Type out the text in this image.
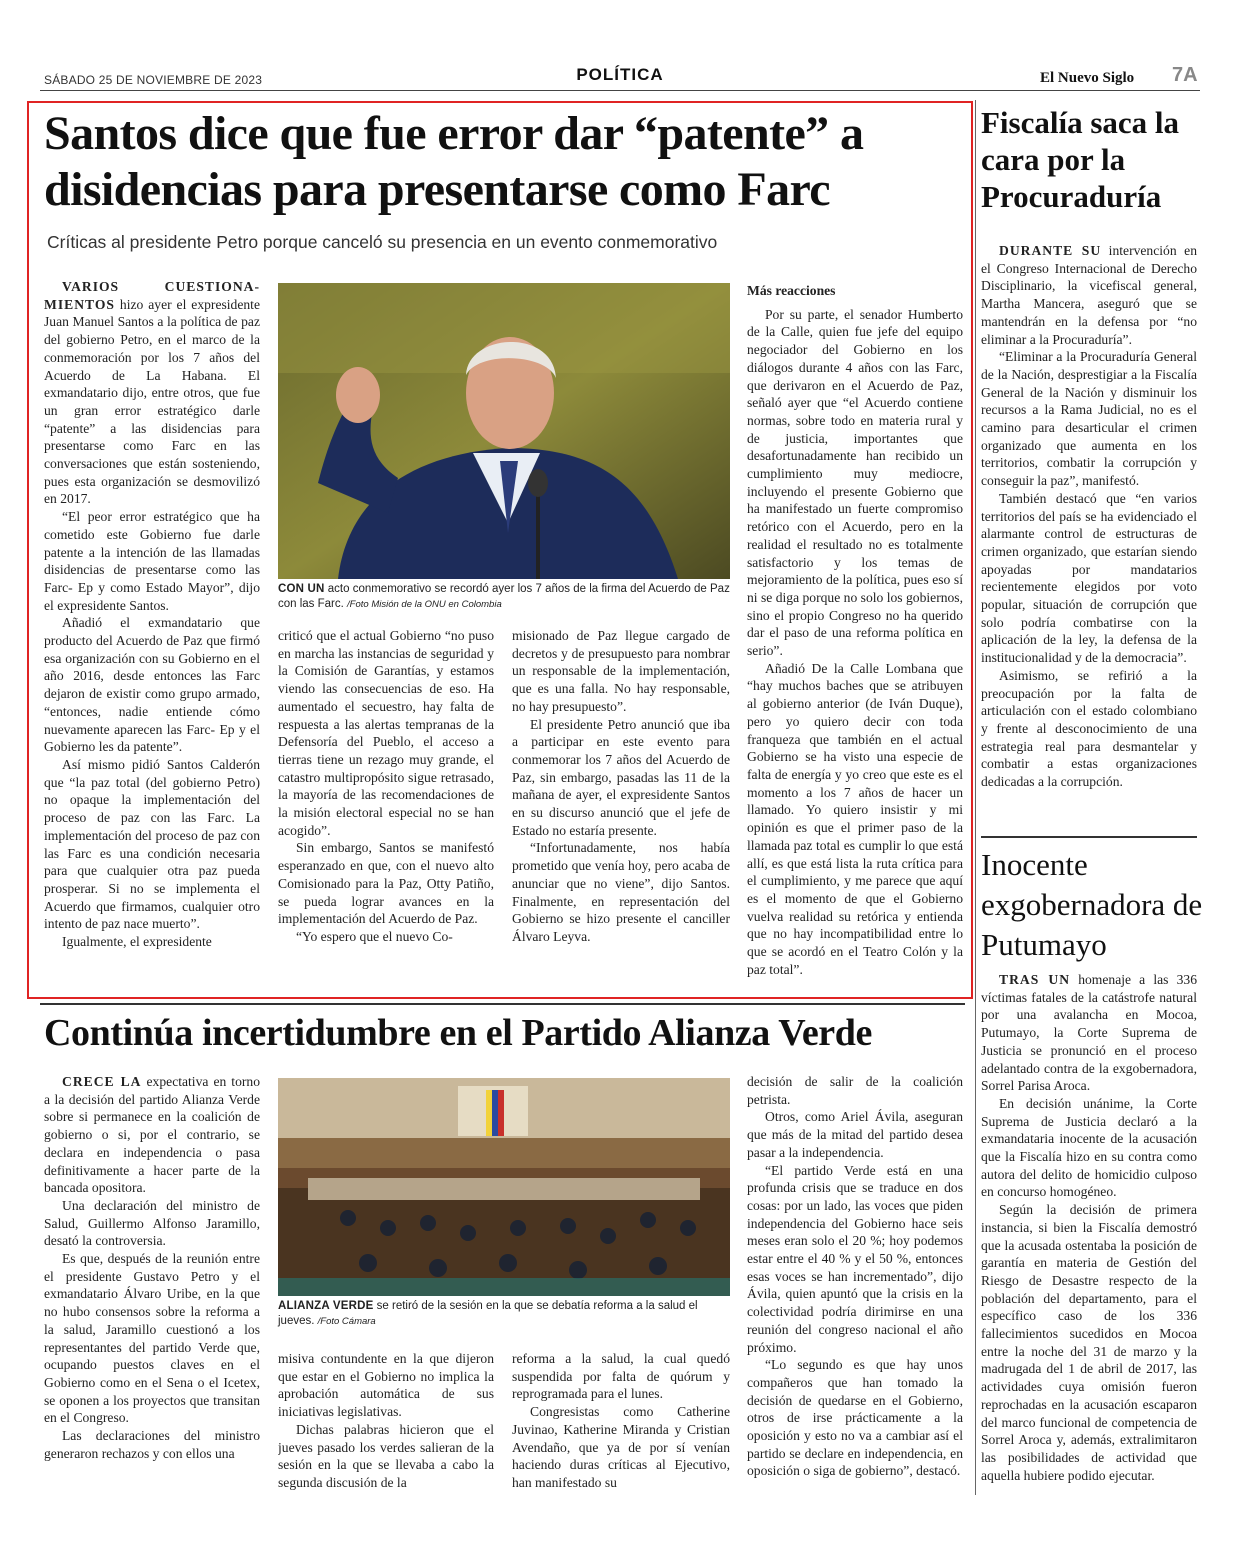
SÁBADO 25 DE NOVIEMBRE DE 2023	POLÍTICA	El Nuevo Siglo 7A
Santos dice que fue error dar “patente” a disidencias para presentarse como Farc
Críticas al presidente Petro porque canceló su presencia en un evento conmemorativo

VARIOS CUESTIONA-MIENTOS hizo ayer el expresidente Juan Manuel Santos a la política de paz del gobierno Petro, en el marco de la conmemoración por los 7 años del Acuerdo de La Habana. El exmandatario dijo, entre otros, que fue un gran error estratégico darle “patente” a las disidencias para presentarse como Farc en las conversaciones que están sosteniendo, pues esta organización se desmovilizó en 2017.

“El peor error estratégico que ha cometido este Gobierno fue darle patente a la intención de las llamadas disidencias de presentarse como las Farc- Ep y como Estado Mayor”, dijo el expresidente Santos.

Añadió el exmandatario que producto del Acuerdo de Paz que firmó esa organización con su Gobierno en el año 2016, desde entonces las Farc dejaron de existir como grupo armado, “entonces, nadie entiende cómo nuevamente aparecen las Farc- Ep y el Gobierno les da patente”.

Así mismo pidió Santos Calderón que “la paz total (del gobierno Petro) no opaque la implementación del proceso de paz con las Farc. La implementación del proceso de paz con las Farc es una condición necesaria para que cualquier otra paz pueda prosperar. Si no se implementa el Acuerdo que firmamos, cualquier otro intento de paz nace muerto”.

Igualmente, el expresidente

CON UN acto conmemorativo se recordó ayer los 7 años de la firma del Acuerdo de Paz con las Farc. /Foto Misión de la ONU en Colombia

criticó que el actual Gobierno “no puso en marcha las instancias de seguridad y la Comisión de Garantías, y estamos viendo las consecuencias de eso. Ha aumentado el secuestro, hay falta de respuesta a las alertas tempranas de la Defensoría del Pueblo, el acceso a tierras tiene un rezago muy grande, el catastro multipropósito sigue retrasado, la mayoría de las recomendaciones de la misión electoral especial no se han acogido”.

Sin embargo, Santos se manifestó esperanzado en que, con el nuevo alto Comisionado para la Paz, Otty Patiño, se pueda lograr avances en la implementación del Acuerdo de Paz.

“Yo espero que el nuevo Co-

misionado de Paz llegue cargado de decretos y de presupuesto para nombrar un responsable de la implementación, que es una falla. No hay responsable, no hay presupuesto”.

El presidente Petro anunció que iba a participar en este evento para conmemorar los 7 años del Acuerdo de Paz, sin embargo, pasadas las 11 de la mañana de ayer, el expresidente Santos en su discurso anunció que el jefe de Estado no estaría presente.

“Infortunadamente, nos había prometido que venía hoy, pero acaba de anunciar que no viene”, dijo Santos. Finalmente, en representación del Gobierno se hizo presente el canciller Álvaro Leyva.

Más reacciones

Por su parte, el senador Humberto de la Calle, quien fue jefe del equipo negociador del Gobierno en los diálogos durante 4 años con las Farc, que derivaron en el Acuerdo de Paz, señaló ayer que “el Acuerdo contiene normas, sobre todo en materia rural y de justicia, importantes que desafortunadamente han recibido un cumplimiento muy mediocre, incluyendo el presente Gobierno que ha manifestado un fuerte compromiso retórico con el Acuerdo, pero en la realidad el resultado no es totalmente satisfactorio y los temas de mejoramiento de la política, pues eso sí ni se diga porque no solo los gobiernos, sino el propio Congreso no ha querido dar el paso de una reforma política en serio”.

Añadió De la Calle Lombana que “hay muchos baches que se atribuyen al gobierno anterior (de Iván Duque), pero yo quiero decir con toda franqueza que también en el actual Gobierno se ha visto una especie de falta de energía y yo creo que este es el momento a los 7 años de hacer un llamado. Yo quiero insistir y mi opinión es que el primer paso de la llamada paz total es cumplir lo que está allí, es que está lista la ruta crítica para el cumplimiento, y me parece que aquí es el momento de que el Gobierno vuelva realidad su retórica y entienda que no hay incompatibilidad entre lo que se acordó en el Teatro Colón y la paz total”.

Fiscalía saca la cara por la Procuraduría

DURANTE SU intervención en el Congreso Internacional de Derecho Disciplinario, la vicefiscal general, Martha Mancera, aseguró que se mantendrán en la defensa por “no eliminar a la Procuraduría”.

“Eliminar a la Procuraduría General de la Nación, desprestigiar a la Fiscalía General de la Nación y disminuir los recursos a la Rama Judicial, no es el camino para desarticular el crimen organizado que aumenta en los territorios, combatir la corrupción y conseguir la paz”, manifestó.

También destacó que “en varios territorios del país se ha evidenciado el alarmante control de estructuras de crimen organizado, que estarían siendo apoyadas por mandatarios recientemente elegidos por voto popular, situación de corrupción que solo podría combatirse con la aplicación de la ley, la defensa de la institucionalidad y de la democracia”.

Asimismo, se refirió a la preocupación por la falta de articulación con el estado colombiano y frente al desconocimiento de una estrategia real para desmantelar y combatir a estas organizaciones dedicadas a la corrupción.

Inocente exgobernadora de Putumayo

TRAS UN homenaje a las 336 víctimas fatales de la catástrofe natural por una avalancha en Mocoa, Putumayo, la Corte Suprema de Justicia se pronunció en el proceso adelantado contra de la exgobernadora, Sorrel Parisa Aroca.

En decisión unánime, la Corte Suprema de Justicia declaró a la exmandataria inocente de la acusación que la Fiscalía hizo en su contra como autora del delito de homicidio culposo en concurso homogéneo.

Según la decisión de primera instancia, si bien la Fiscalía demostró que la acusada ostentaba la posición de garantía en materia de Gestión del Riesgo de Desastre respecto de la población del departamento, para el específico caso de los 336 fallecimientos sucedidos en Mocoa entre la noche del 31 de marzo y la madrugada del 1 de abril de 2017, las actividades cuya omisión fueron reprochadas en la acusación escaparon del marco funcional de competencia de Sorrel Aroca y, además, extralimitaron las posibilidades de actividad que aquella hubiere podido ejecutar.

Continúa incertidumbre en el Partido Alianza Verde

CRECE LA expectativa en torno a la decisión del partido Alianza Verde sobre si permanece en la coalición de gobierno o si, por el contrario, se declara en independencia o pasa definitivamente a hacer parte de la bancada opositora.

Una declaración del ministro de Salud, Guillermo Alfonso Jaramillo, desató la controversia.

Es que, después de la reunión entre el presidente Gustavo Petro y el exmandatario Álvaro Uribe, en la que no hubo consensos sobre la reforma a la salud, Jaramillo cuestionó a los representantes del partido Verde que, ocupando puestos claves en el Gobierno como en el Sena o el Icetex, se oponen a los proyectos que transitan en el Congreso.

Las declaraciones del ministro generaron rechazos y con ellos una

ALIANZA VERDE se retiró de la sesión en la que se debatía reforma a la salud el jueves. /Foto Cámara

misiva contundente en la que dijeron que estar en el Gobierno no implica la aprobación automática de sus iniciativas legislativas.

Dichas palabras hicieron que el jueves pasado los verdes salieran de la sesión en la que se llevaba a cabo la segunda discusión de la

reforma a la salud, la cual quedó suspendida por falta de quórum y reprogramada para el lunes.

Congresistas como Catherine Juvinao, Katherine Miranda y Cristian Avendaño, que ya de por sí venían haciendo duras críticas al Ejecutivo, han manifestado su

decisión de salir de la coalición petrista.

Otros, como Ariel Ávila, aseguran que más de la mitad del partido desea pasar a la independencia.

“El partido Verde está en una profunda crisis que se traduce en dos cosas: por un lado, las voces que piden independencia del Gobierno hace seis meses eran solo el 20 %; hoy podemos estar entre el 40 % y el 50 %, entonces esas voces se han incrementado”, dijo Ávila, quien apuntó que la crisis en la colectividad podría dirimirse en una reunión del congreso nacional el año próximo.

“Lo segundo es que hay unos compañeros que han tomado la decisión de quedarse en el Gobierno, otros de irse prácticamente a la oposición y esto no va a cambiar así el partido se declare en independencia, en oposición o siga de gobierno”, destacó.
